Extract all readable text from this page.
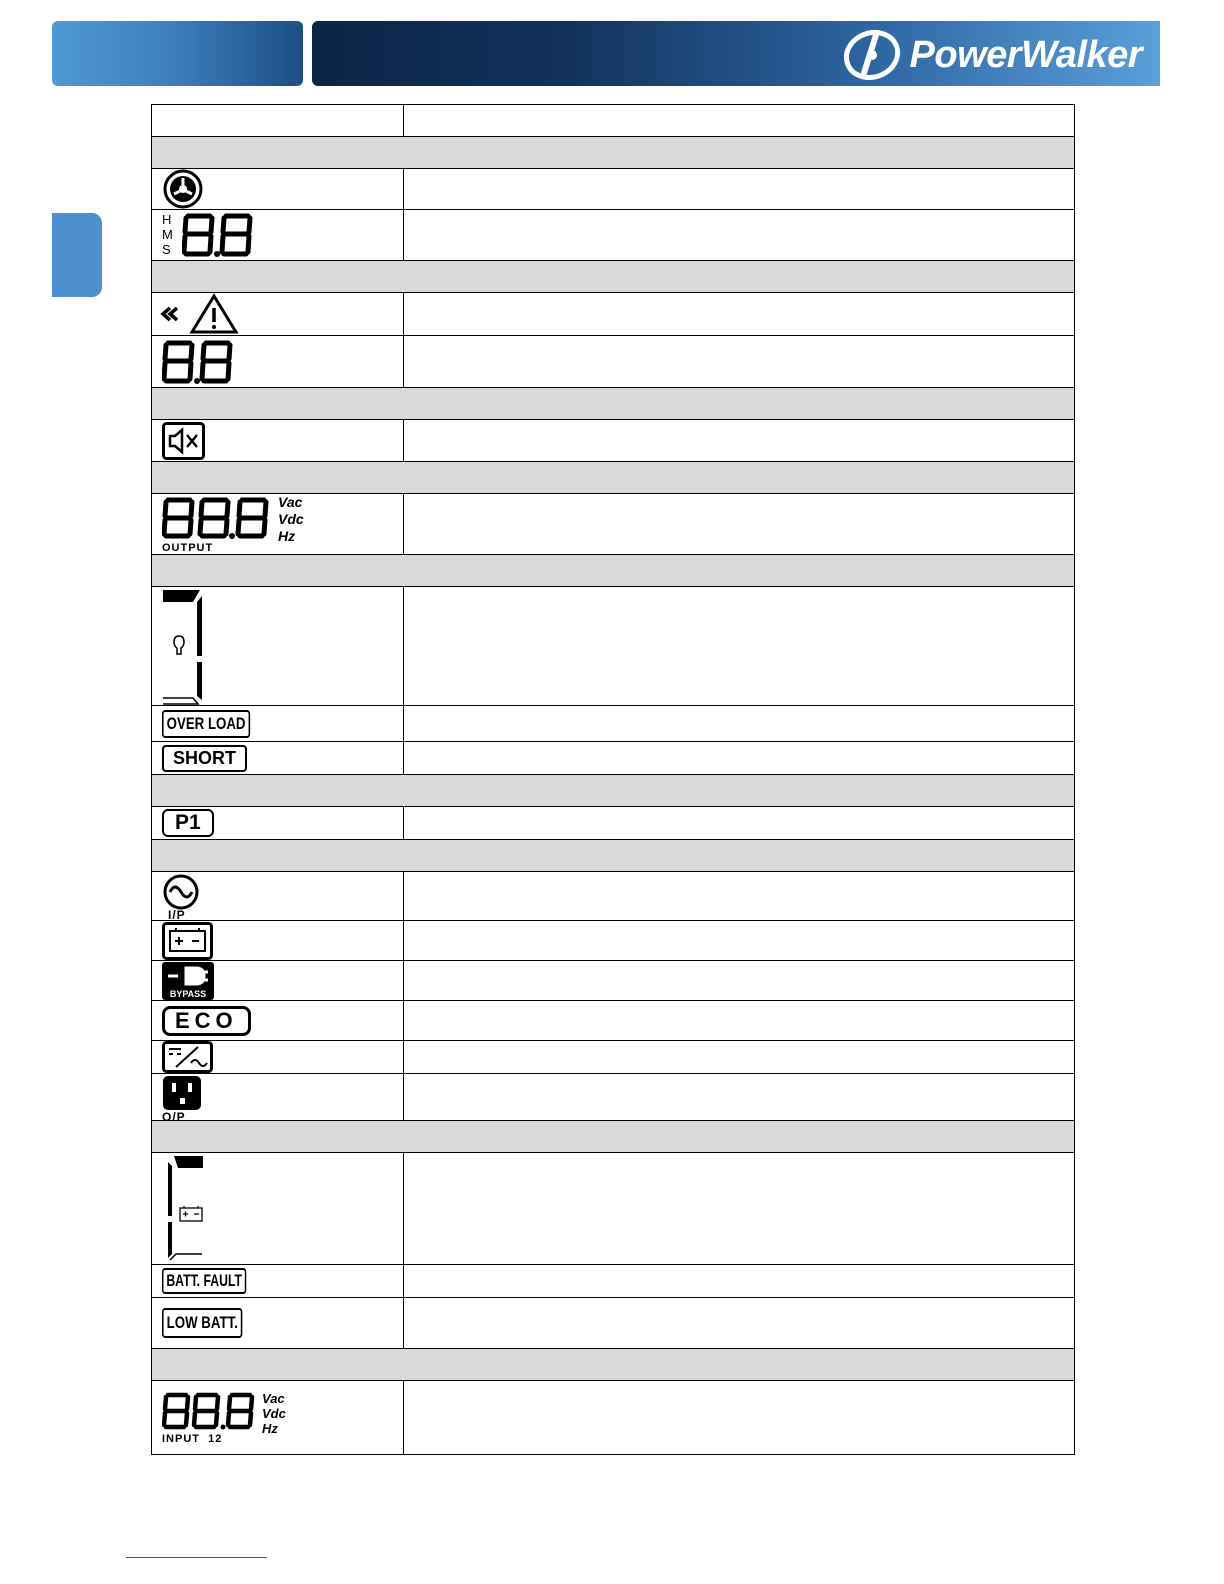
PowerWalker

H
M
S	

Vac
Vdc
Hz
OUTPUT	

OVER LOAD	
SHORT	

P1	

I/P	

BYPASS	

ECO	

O/P	

BATT. FAULT	
LOW BATT.	

Vac
Vdc
Hz
INPUT  12	
